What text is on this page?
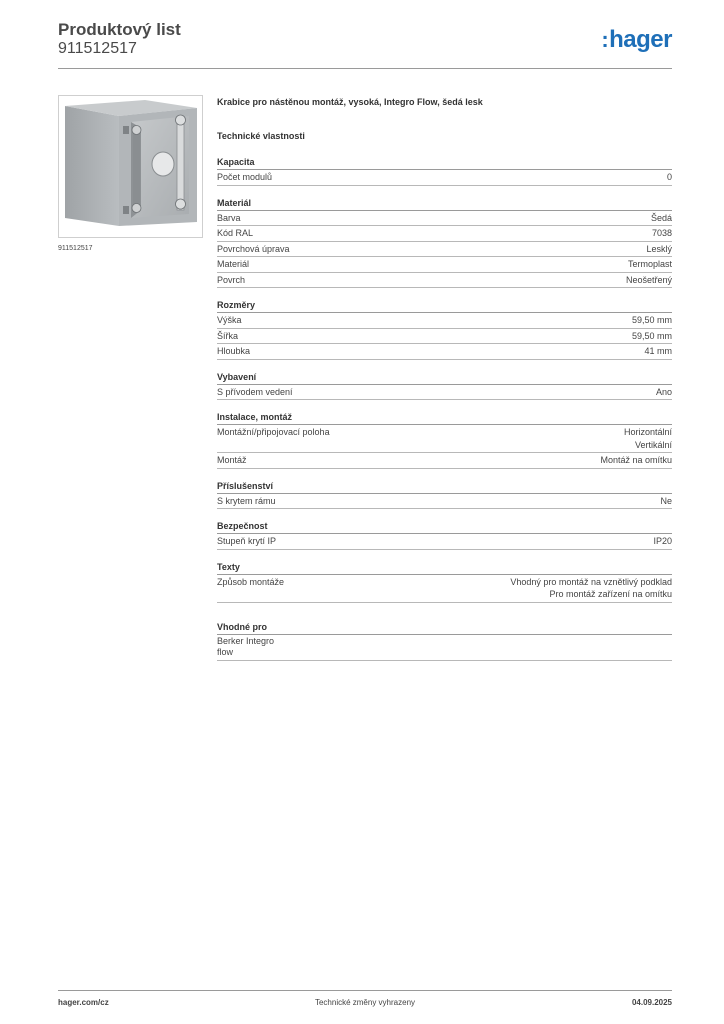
Produktový list
911512517	:hager
911512517
Krabice pro nástěnou montáž, vysoká, Integro Flow, šedá lesk
Technické vlastnosti
Kapacita
Počet modulů	0
Materiál
Barva	Šedá
Kód RAL	7038
Povrchová úprava	Lesklý
Materiál	Termoplast
Povrch	Neošetřený
Rozměry
Výška	59,50 mm
Šířka	59,50 mm
Hloubka	41 mm
Vybavení
S přívodem vedení	Ano
Instalace, montáž
Montážní/připojovací poloha	Horizontální
Vertikální
Montáž	Montáž na omítku
Příslušenství
S krytem rámu	Ne
Bezpečnost
Stupeň krytí IP	IP20
Texty
Způsob montáže	Vhodný pro montáž na vznětlivý podklad
Pro montáž zařízení na omítku
Vhodné pro
Berker Integro
flow
hager.com/cz	Technické změny vyhrazeny	04.09.2025
